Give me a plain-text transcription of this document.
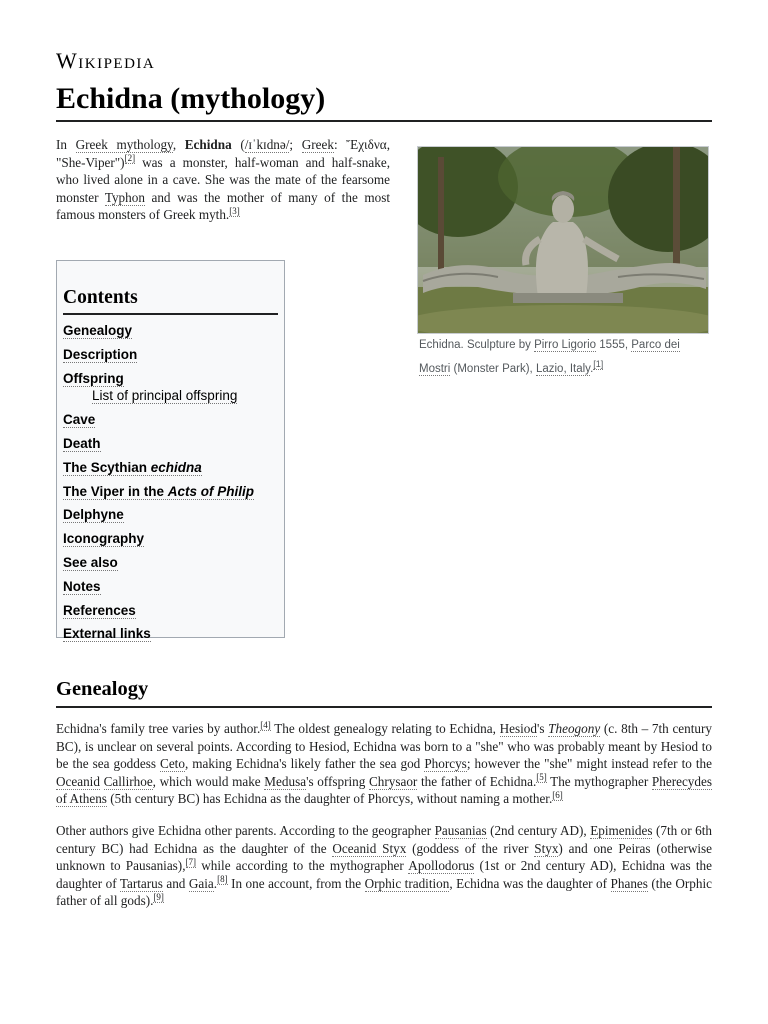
Wikipedia
Echidna (mythology)

In Greek mythology, Echidna (/ɪˈkɪdnə/; Greek: Ἔχιδνα, "She-Viper")[2] was a monster, half-woman and half-snake, who lived alone in a cave. She was the mate of the fearsome monster Typhon and was the mother of many of the most famous monsters of Greek myth.[3]

Echidna. Sculpture by Pirro Ligorio 1555, Parco dei Mostri (Monster Park), Lazio, Italy.[1]
Contents
Genealogy
Description
Offspring
List of principal offspring
Cave
Death
The Scythian echidna
The Viper in the Acts of Philip
Delphyne
Iconography
See also
Notes
References
External links
Genealogy

Echidna's family tree varies by author.[4] The oldest genealogy relating to Echidna, Hesiod's Theogony (c. 8th – 7th century BC), is unclear on several points. According to Hesiod, Echidna was born to a "she" who was probably meant by Hesiod to be the sea goddess Ceto, making Echidna's likely father the sea god Phorcys; however the "she" might instead refer to the Oceanid Callirhoe, which would make Medusa's offspring Chrysaor the father of Echidna.[5] The mythographer Pherecydes of Athens (5th century BC) has Echidna as the daughter of Phorcys, without naming a mother.[6]

Other authors give Echidna other parents. According to the geographer Pausanias (2nd century AD), Epimenides (7th or 6th century BC) had Echidna as the daughter of the Oceanid Styx (goddess of the river Styx) and one Peiras (otherwise unknown to Pausanias),[7] while according to the mythographer Apollodorus (1st or 2nd century AD), Echidna was the daughter of Tartarus and Gaia.[8] In one account, from the Orphic tradition, Echidna was the daughter of Phanes (the Orphic father of all gods).[9]
